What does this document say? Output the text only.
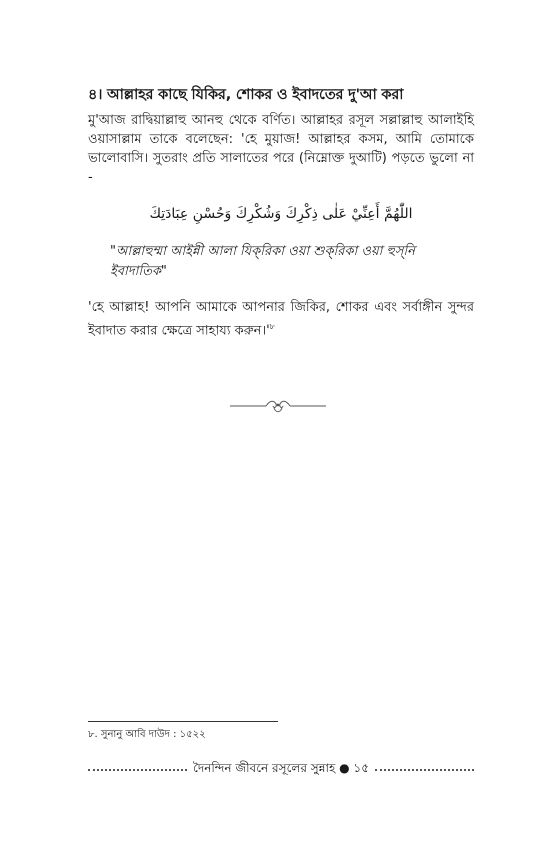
৪। আল্লাহর কাছে যিকির, শোকর ও ইবাদতের দু'আ করা
মু'আজ রাদ্বিয়াল্লাহু আনহু থেকে বর্ণিত। আল্লাহর রসূল সল্লাল্লাহু আলাইহি ওয়াসাল্লাম তাকে বলেছেন: 'হে মুয়াজ! আল্লাহর কসম, আমি তোমাকে ভালোবাসি। সুতরাং প্রতি সালাতের পরে (নিম্নোক্ত দুআটি) পড়তে ভুলো না -
اللّٰهُمَّ أَعِنِّيْ عَلٰى ذِكْرِكَ وَشُكْرِكَ وَحُسْنِ عِبَادَتِكَ
"আল্লাহুম্মা আইন্নী আলা যিক্‌রিকা ওয়া শুক্‌রিকা ওয়া হুস্‌নি ইবাদাতিক"
'হে আল্লাহ! আপনি আমাকে আপনার জিকির, শোকর এবং সর্বাঙ্গীন সুন্দর ইবাদাত করার ক্ষেত্রে সাহায্য $করুন।'^৮$
৮. সুনানু আবি দাউদ : ১৫২২
দৈনন্দিন জীবনে রসূলের সুন্নাহ ● ১৫
